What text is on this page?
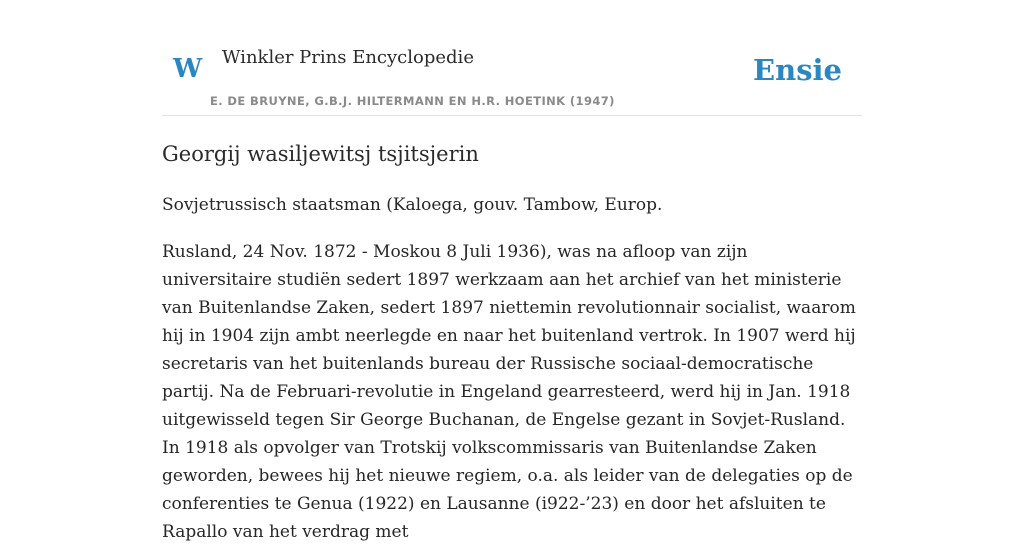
W Winkler Prins Encyclopedie
E. DE BRUYNE, G.B.J. HILTERMANN EN H.R. HOETINK (1947)
Ensie
Georgij wasiljewitsj tsjitsjerin

Sovjetrussisch staatsman (Kaloega, gouv. Tambow, Europ.

Rusland, 24 Nov. 1872 - Moskou 8 Juli 1936), was na afloop van zijn universitaire studiën sedert 1897 werkzaam aan het archief van het ministerie van Buitenlandse Zaken, sedert 1897 niettemin revolutionnair socialist, waarom hij in 1904 zijn ambt neerlegde en naar het buitenland vertrok. In 1907 werd hij secretaris van het buitenlands bureau der Russische sociaal-democratische partij. Na de Februari-revolutie in Engeland gearresteerd, werd hij in Jan. 1918 uitgewisseld tegen Sir George Buchanan, de Engelse gezant in Sovjet-Rusland. In 1918 als opvolger van Trotskij volkscommissaris van Buitenlandse Zaken geworden, bewees hij het nieuwe regiem, o.a. als leider van de delegaties op de conferenties te Genua (1922) en Lausanne (i922-’23) en door het afsluiten te Rapallo van het verdrag met
